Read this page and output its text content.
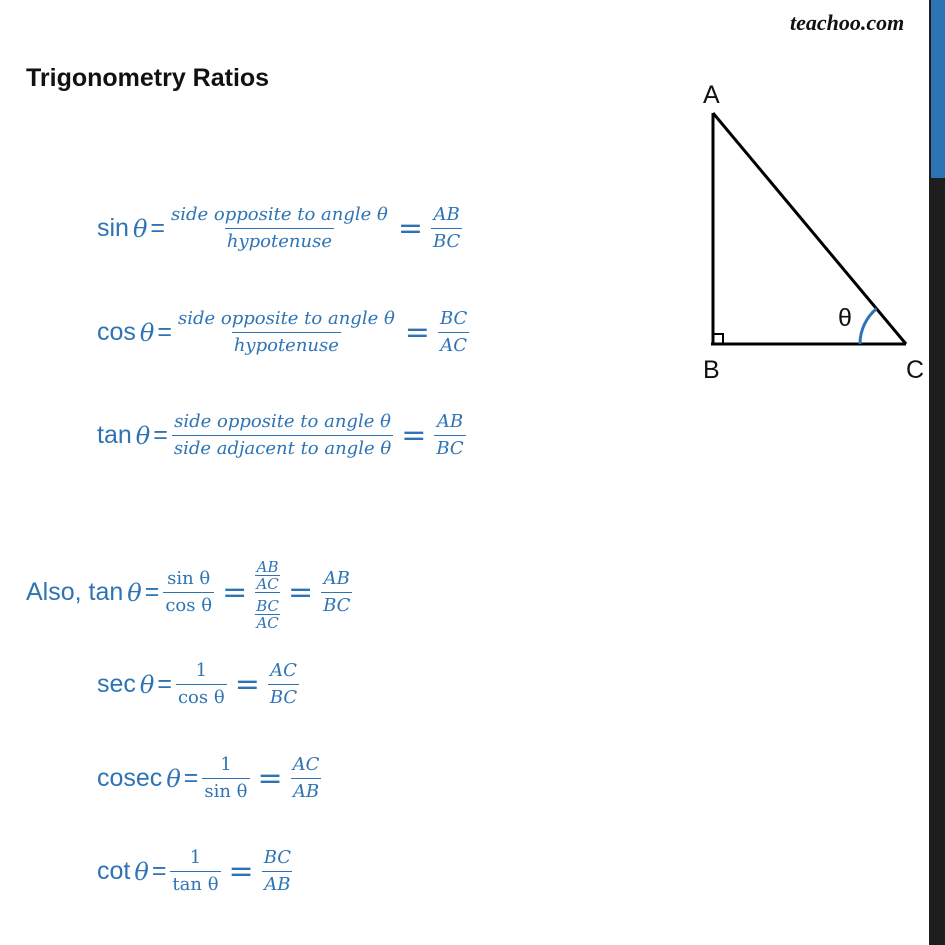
teachoo.com
Trigonometry Ratios
$\sin \theta = \frac{\text{side opposite to angle θ}}{\text{hypotenuse}} = \frac{AB}{BC}$
$\cos \theta = \frac{\text{side opposite to angle θ}}{\text{hypotenuse}} = \frac{BC}{AC}$
$\tan \theta = \frac{\text{side opposite to angle θ}}{\text{side adjacent to angle θ}} = \frac{AB}{BC}$
Also, $\tan \theta = \frac{\text{sin θ}}{\text{cos θ}} = \frac{\frac{AB}{AC}}{\frac{BC}{AC}} = \frac{AB}{BC}$
$\sec \theta = \frac{1}{\text{cos θ}} = \frac{AC}{BC}$
cosec $\theta = \frac{1}{\text{sin θ}} = \frac{AC}{AB}$
$\cot \theta = \frac{1}{\text{tan θ}} = \frac{BC}{AB}$
A
B	C
θ
